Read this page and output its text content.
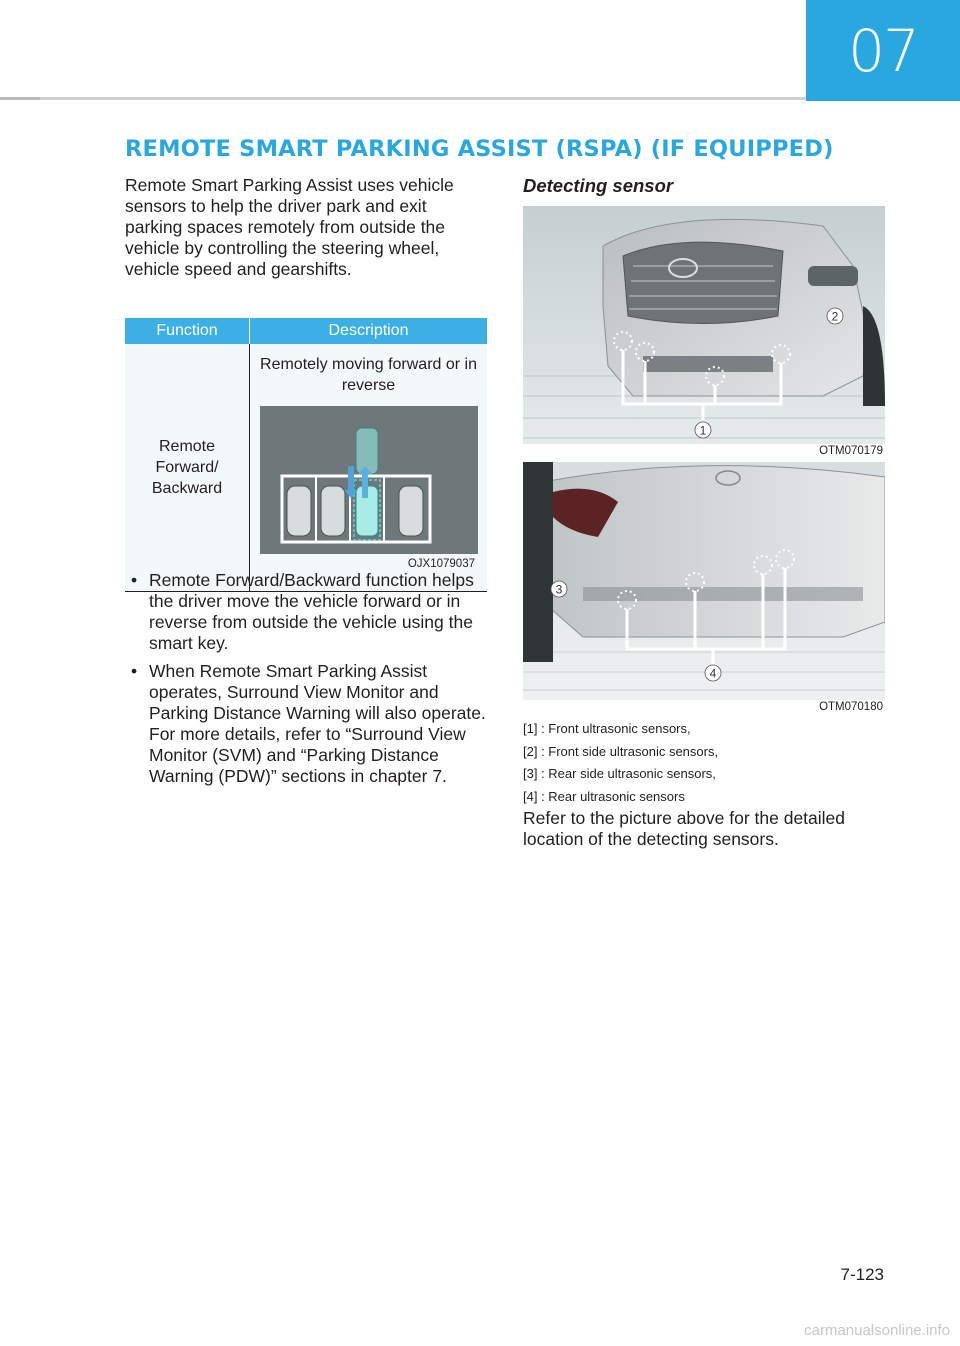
07
REMOTE SMART PARKING ASSIST (RSPA) (IF EQUIPPED)

Remote Smart Parking Assist uses vehicle sensors to help the driver park and exit parking spaces remotely from outside the vehicle by controlling the steering wheel, vehicle speed and gearshifts.

Function	Description
Remote Forward/ Backward	Remotely moving forward or in reverse
OJX1079037
• Remote Forward/Backward function helps the driver move the vehicle forward or in reverse from outside the vehicle using the smart key.
• When Remote Smart Parking Assist operates, Surround View Monitor and Parking Distance Warning will also operate. For more details, refer to “Surround View Monitor (SVM) and “Parking Distance Warning (PDW)” sections in chapter 7.
Detecting sensor
1
2
OTM070179
4
3
OTM070180
[1] : Front ultrasonic sensors,
[2] : Front side ultrasonic sensors,
[3] : Rear side ultrasonic sensors,
[4] : Rear ultrasonic sensors

Refer to the picture above for the detailed location of the detecting sensors.

7-123
carmanualsonline.info
